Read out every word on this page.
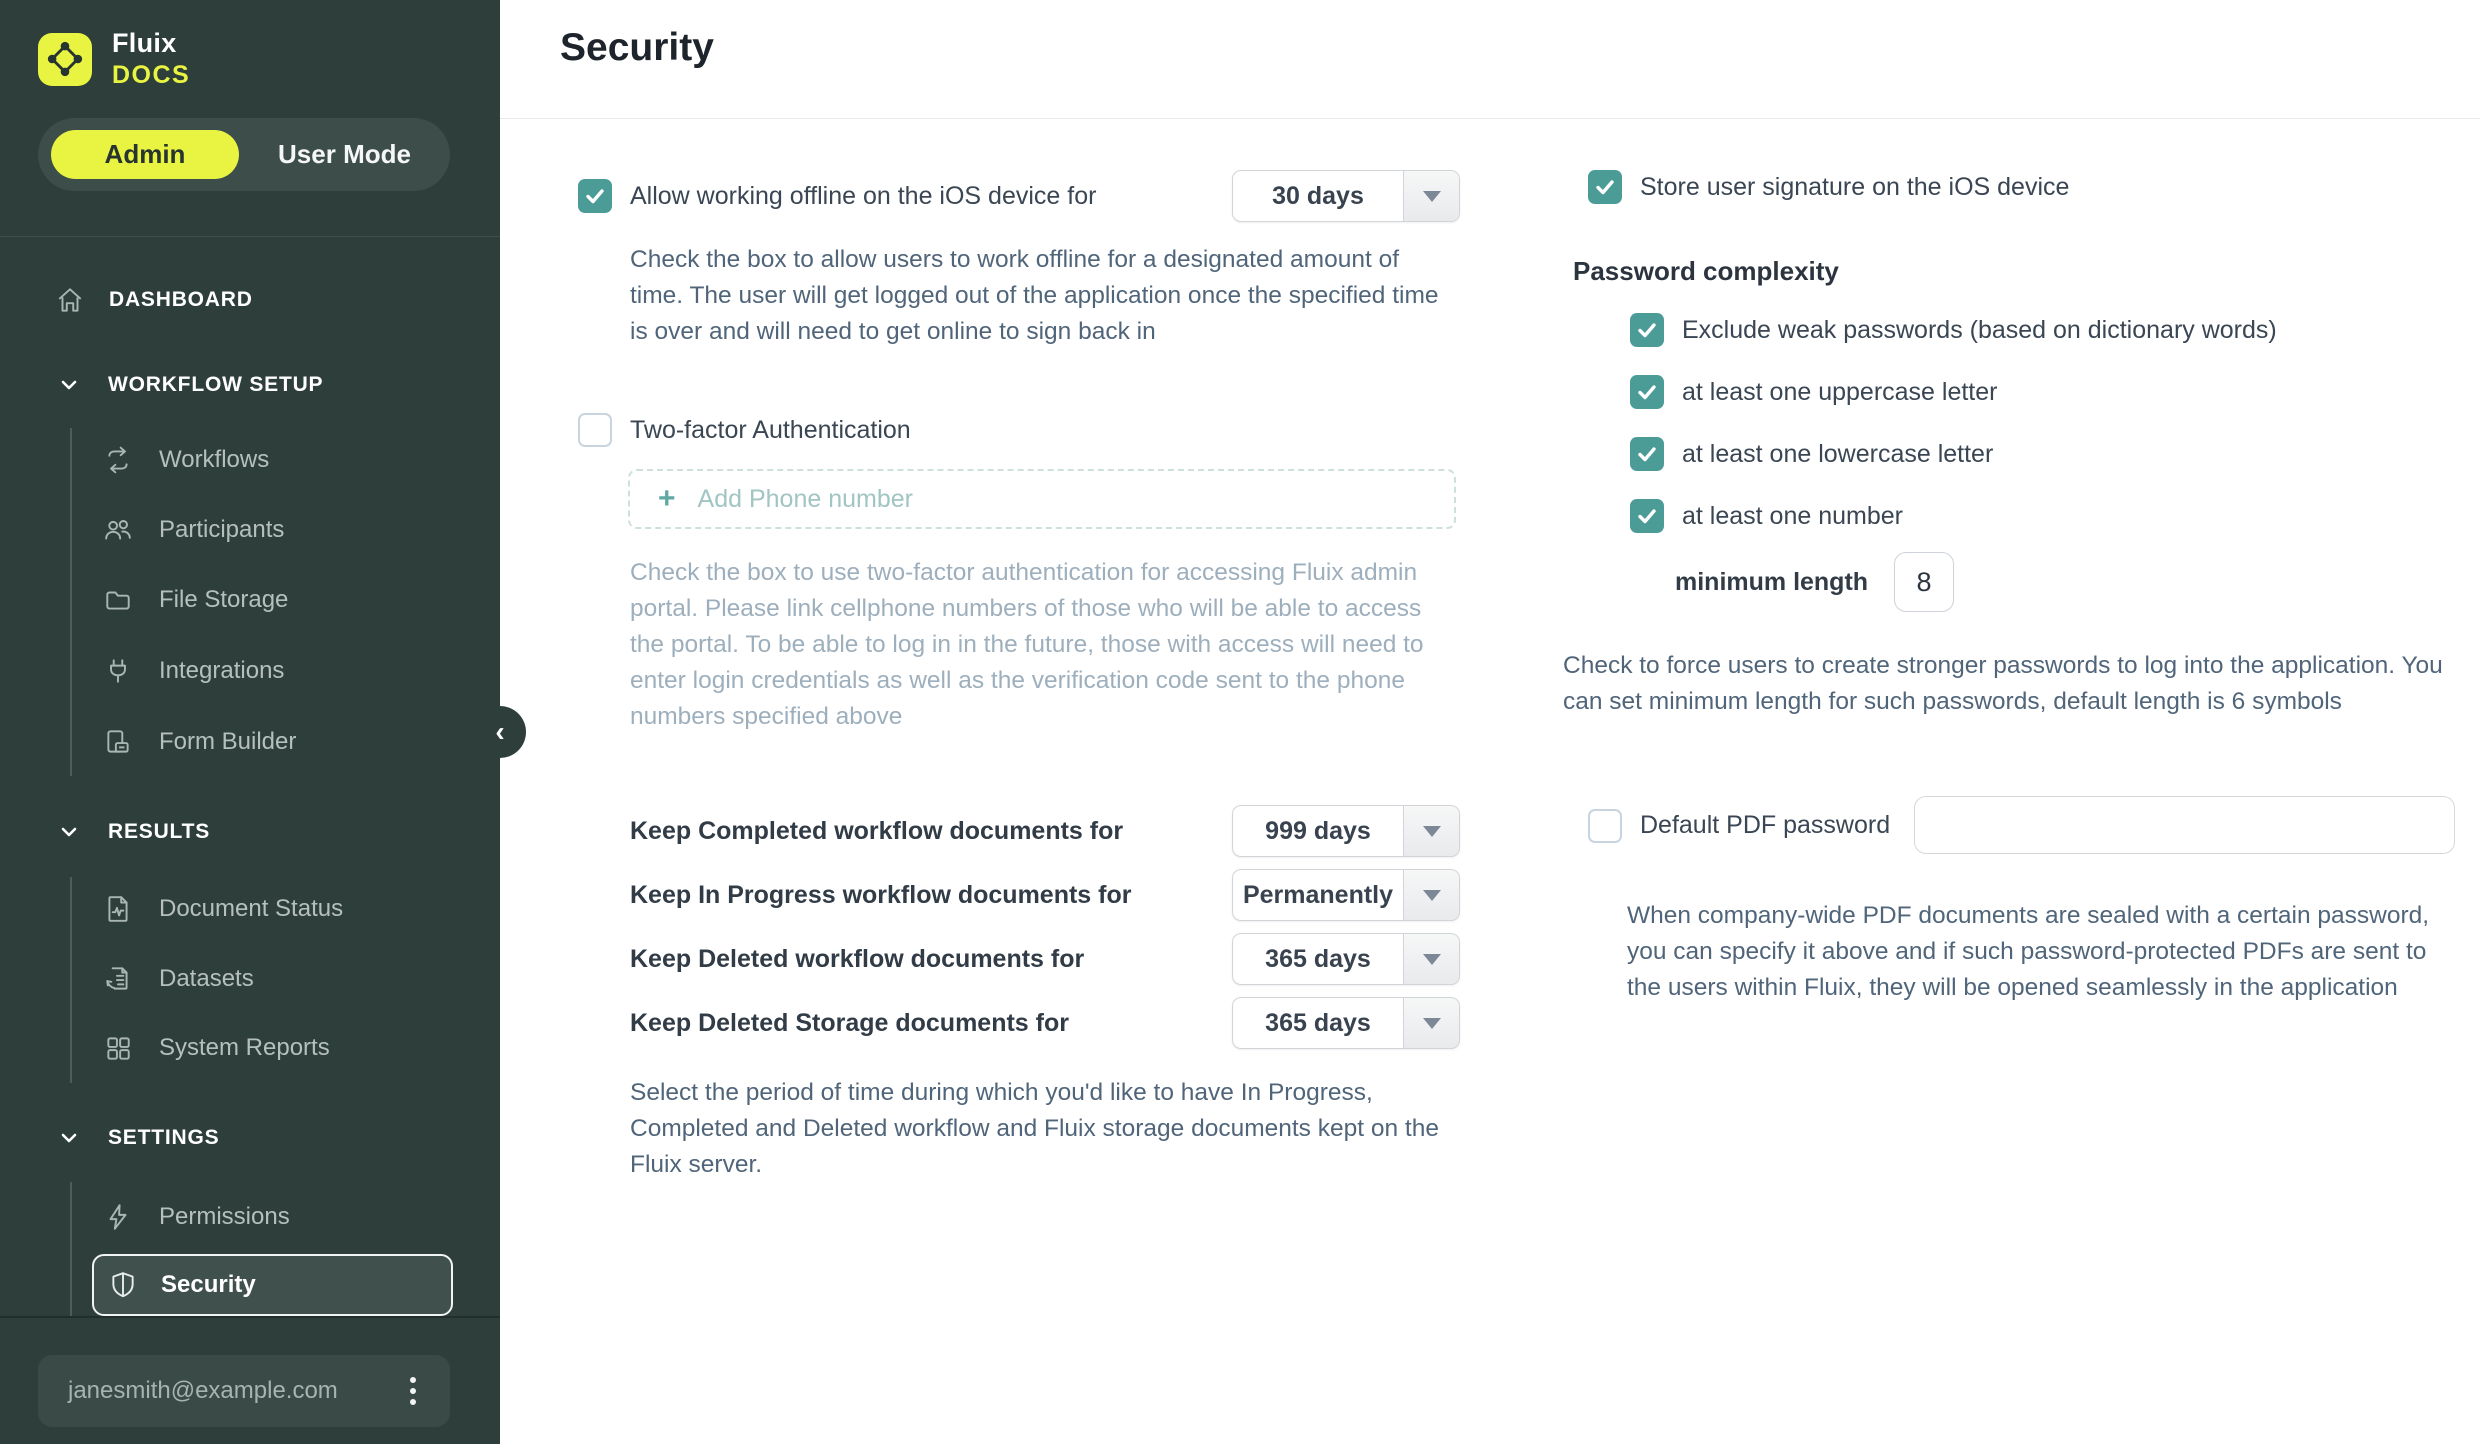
Fluix
DOCS
Admin	User Mode
DASHBOARD
WORKFLOW SETUP
Workflows
Participants
File Storage
Integrations
Form Builder
RESULTS
Document Status
Datasets
System Reports
SETTINGS
Permissions
Security
janesmith@example.com
‹
Security
Allow working offline on the iOS device for	30 days
Check the box to allow users to work offline for a designated amount of time. The user will get logged out of the application once the specified time is over and will need to get online to sign back in
Two-factor Authentication
+ Add Phone number
Check the box to use two-factor authentication for accessing Fluix admin portal. Please link cellphone numbers of those who will be able to access the portal. To be able to log in in the future, those with access will need to enter login credentials as well as the verification code sent to the phone numbers specified above
Keep Completed workflow documents for	999 days
Keep In Progress workflow documents for	Permanently
Keep Deleted workflow documents for	365 days
Keep Deleted Storage documents for	365 days
Select the period of time during which you'd like to have In Progress, Completed and Deleted workflow and Fluix storage documents kept on the Fluix server.
Store user signature on the iOS device
Password complexity
Exclude weak passwords (based on dictionary words)
at least one uppercase letter
at least one lowercase letter
at least one number
minimum length
8
Check to force users to create stronger passwords to log into the application. You can set minimum length for such passwords, default length is 6 symbols
Default PDF password
When company-wide PDF documents are sealed with a certain password, you can specify it above and if such password-protected PDFs are sent to the users within Fluix, they will be opened seamlessly in the application
